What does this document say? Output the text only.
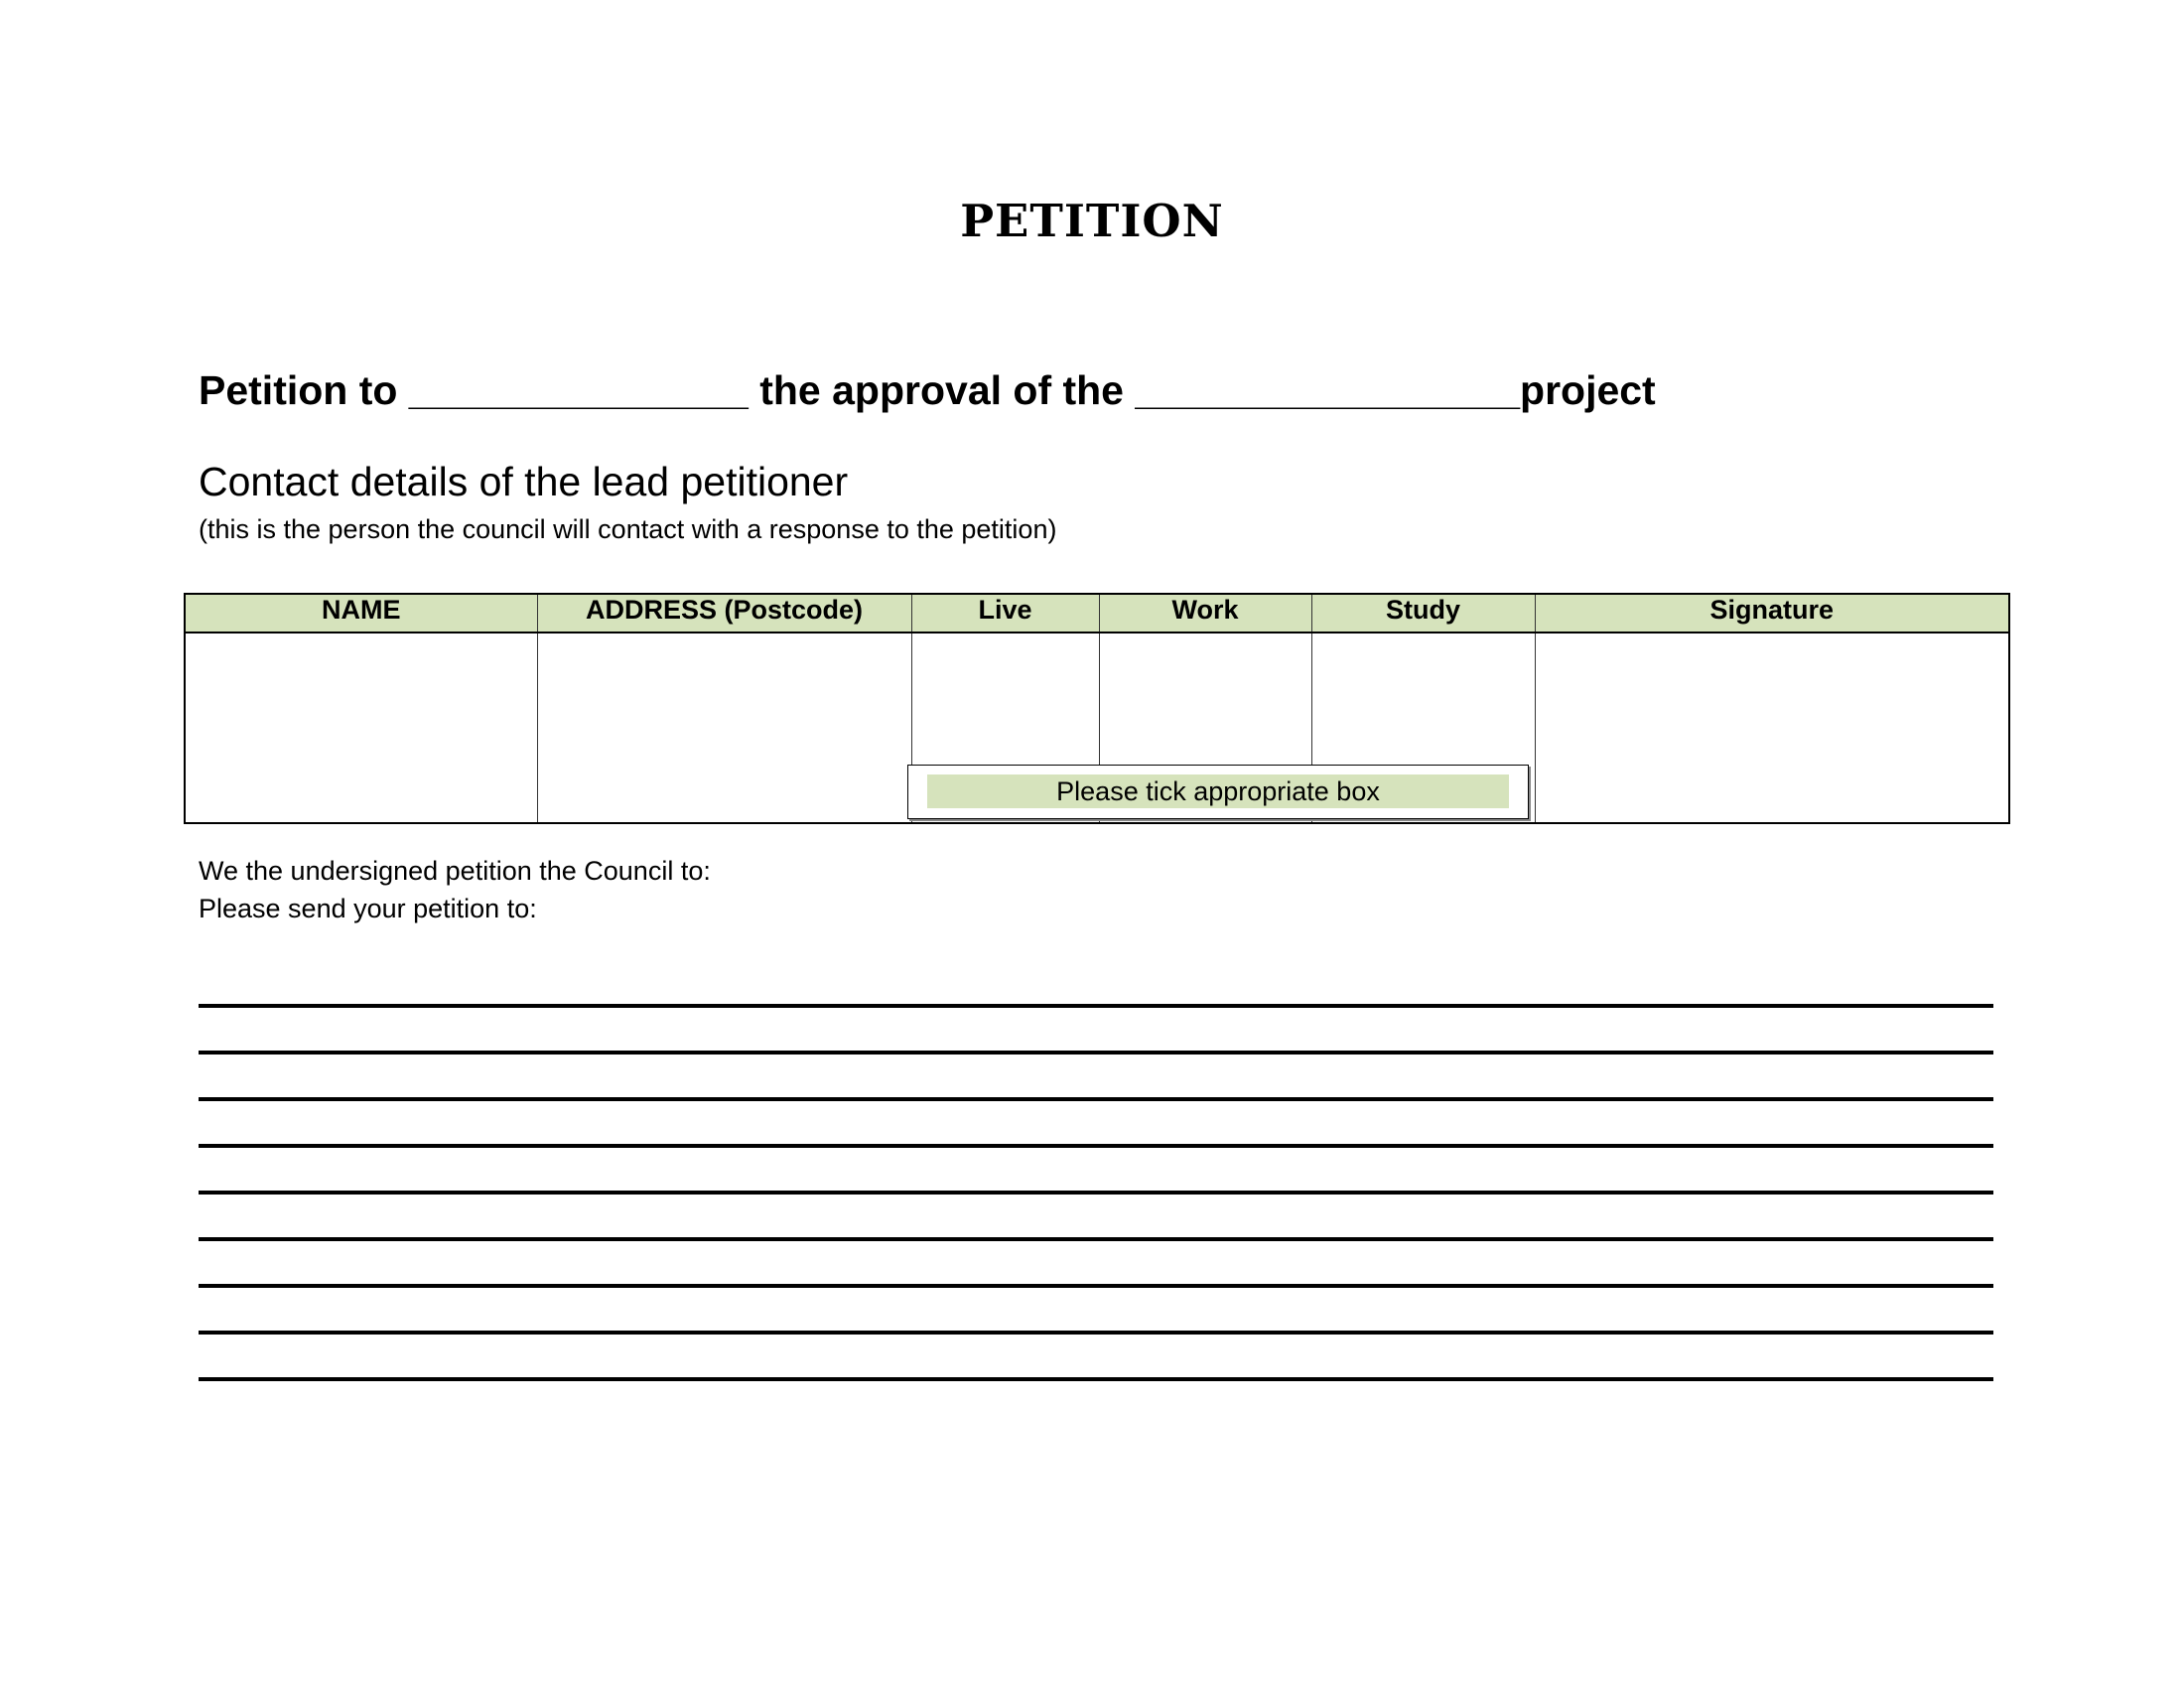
PETITION
Petition to _______________ the approval of the _________________project
Contact details of the lead petitioner
(this is the person the council will contact with a response to the petition)
NAME	ADDRESS (Postcode)	Live	Work	Study	Signature

Please tick appropriate box
We the undersigned petition the Council to:
Please send your petition to:
